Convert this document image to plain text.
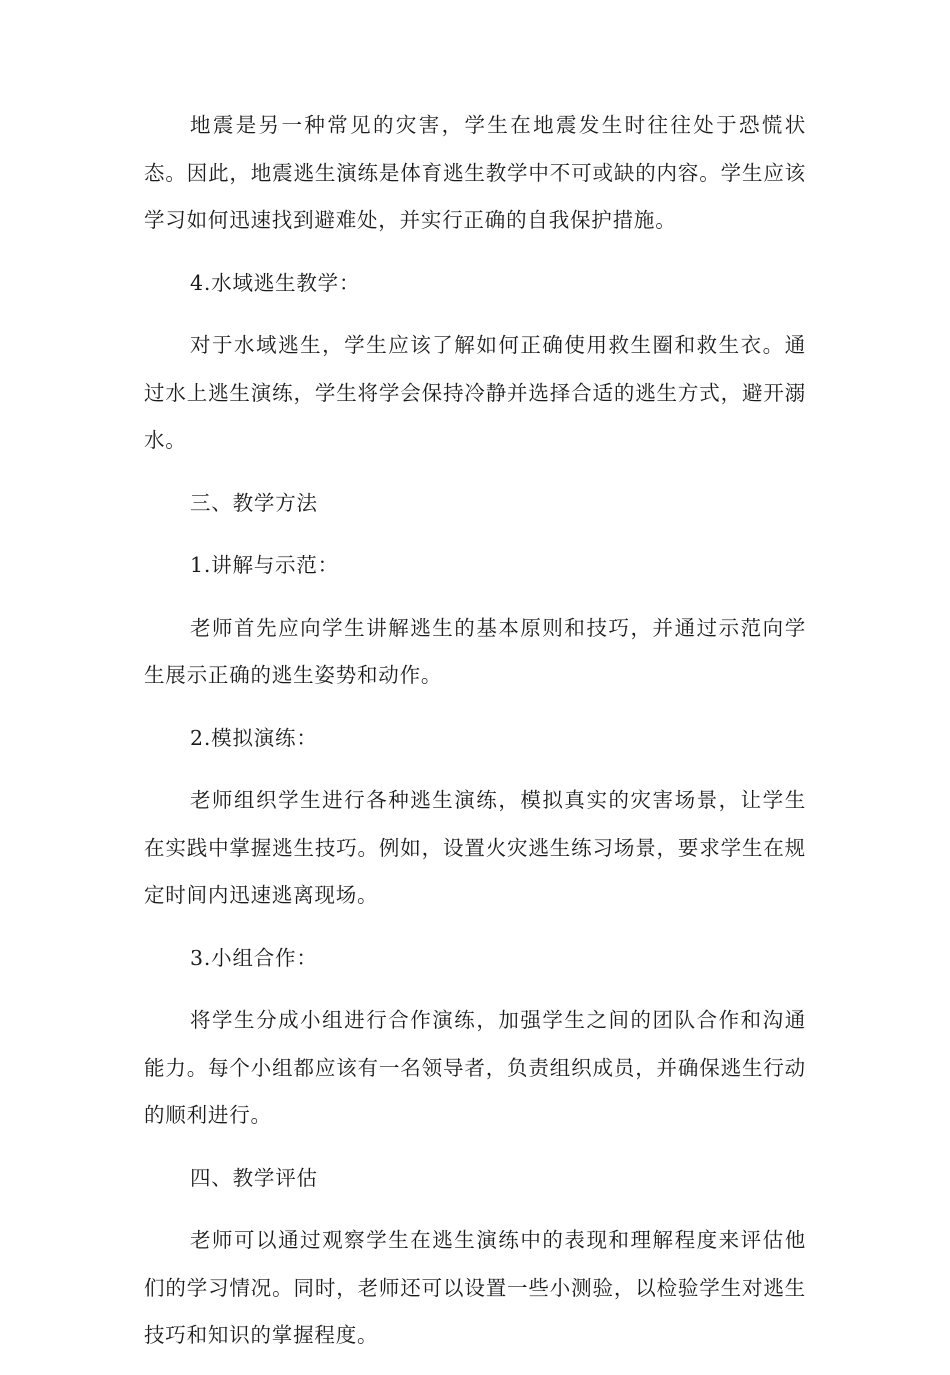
地震是另一种常见的灾害，学生在地震发生时往往处于恐慌状态。因此，地震逃生演练是体育逃生教学中不可或缺的内容。学生应该学习如何迅速找到避难处，并实行正确的自我保护措施。

4.水域逃生教学：

对于水域逃生，学生应该了解如何正确使用救生圈和救生衣。通过水上逃生演练，学生将学会保持冷静并选择合适的逃生方式，避开溺水。

三、教学方法

1.讲解与示范：

老师首先应向学生讲解逃生的基本原则和技巧，并通过示范向学生展示正确的逃生姿势和动作。

2.模拟演练：

老师组织学生进行各种逃生演练，模拟真实的灾害场景，让学生在实践中掌握逃生技巧。例如，设置火灾逃生练习场景，要求学生在规定时间内迅速逃离现场。

3.小组合作：

将学生分成小组进行合作演练，加强学生之间的团队合作和沟通能力。每个小组都应该有一名领导者，负责组织成员，并确保逃生行动的顺利进行。

四、教学评估

老师可以通过观察学生在逃生演练中的表现和理解程度来评估他们的学习情况。同时，老师还可以设置一些小测验，以检验学生对逃生技巧和知识的掌握程度。
